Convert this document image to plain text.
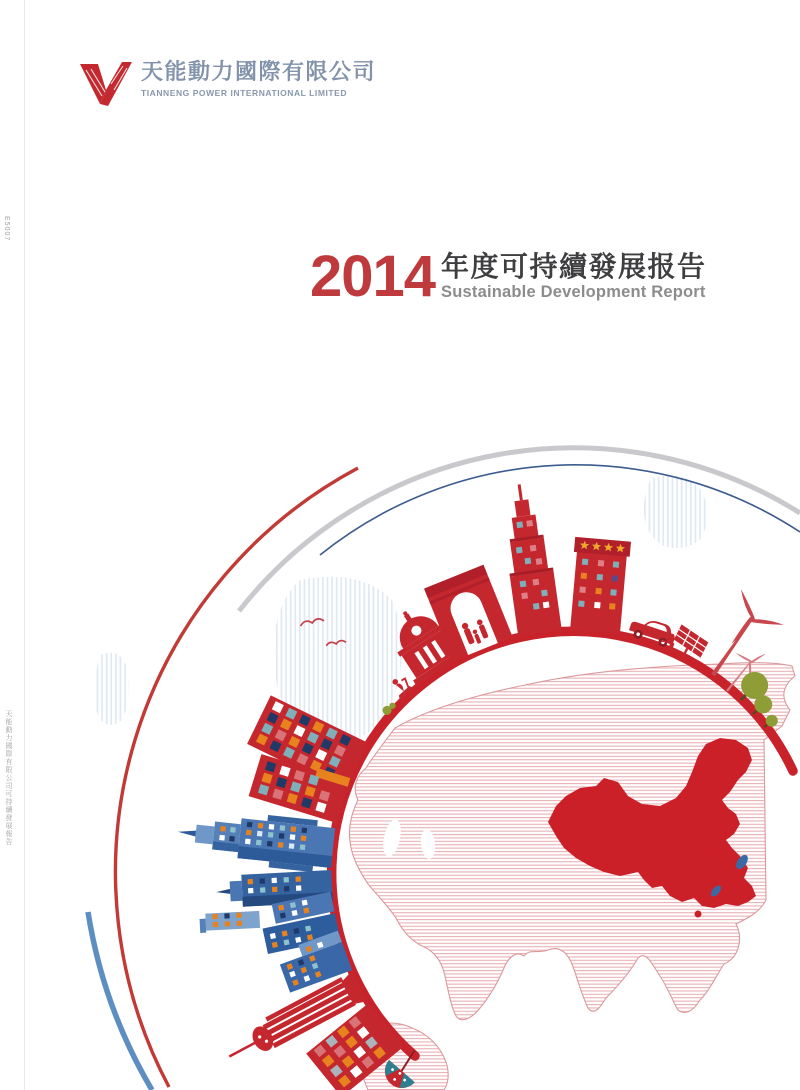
E5007
天能動力國際有限公司可持續發展報告
天能動力國際有限公司
TIANNENG POWER INTERNATIONAL LIMITED
2014 年度可持續發展报告
Sustainable Development Report
